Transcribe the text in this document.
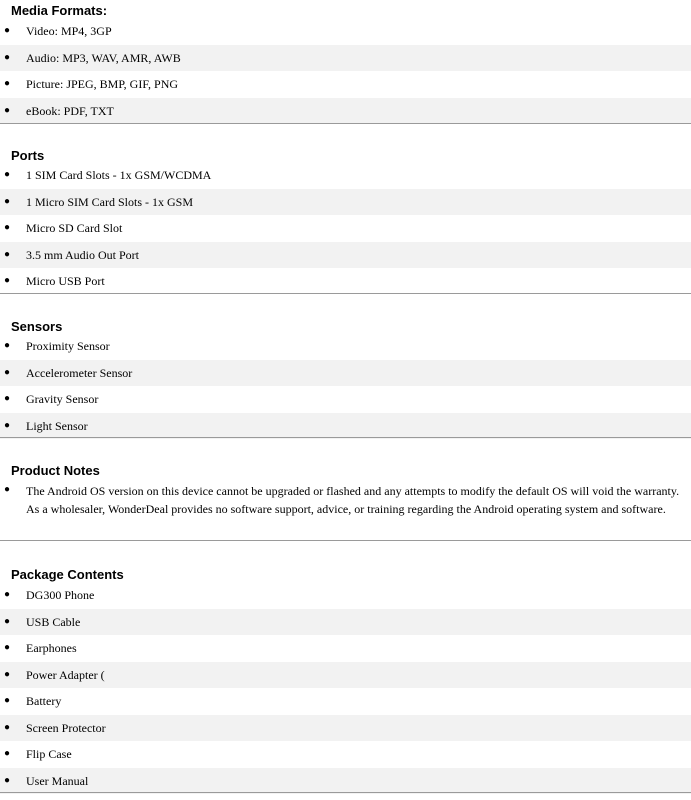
Media Formats:
● Video: MP4, 3GP
● Audio: MP3, WAV, AMR, AWB
● Picture: JPEG, BMP, GIF, PNG
● eBook: PDF, TXT
Ports
● 1 SIM Card Slots - 1x GSM/WCDMA
● 1 Micro SIM Card Slots - 1x GSM
● Micro SD Card Slot
● 3.5 mm Audio Out Port
● Micro USB Port
Sensors
● Proximity Sensor
● Accelerometer Sensor
● Gravity Sensor
● Light Sensor
Product Notes
● The Android OS version on this device cannot be upgraded or flashed and any attempts to modify the default OS will void the warranty. As a wholesaler, WonderDeal provides no software support, advice, or training regarding the Android operating system and software.
Package Contents
● DG300 Phone
● USB Cable
● Earphones
● Power Adapter (
● Battery
● Screen Protector
● Flip Case
● User Manual
